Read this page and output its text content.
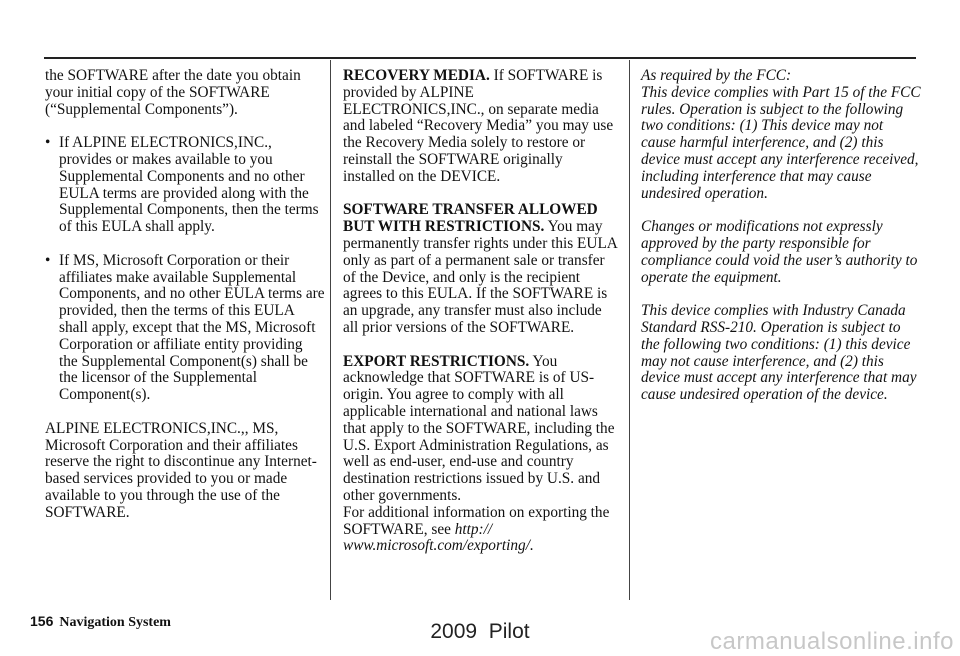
the SOFTWARE after the date you obtain your initial copy of the SOFTWARE (“Supplemental Components”).

• If ALPINE ELECTRONICS,INC., provides or makes available to you Supplemental Components and no other EULA terms are provided along with the Supplemental Components, then the terms of this EULA shall apply.
• If MS, Microsoft Corporation or their affiliates make available Supplemental Components, and no other EULA terms are provided, then the terms of this EULA shall apply, except that the MS, Microsoft Corporation or affiliate entity providing the Supplemental Component(s) shall be the licensor of the Supplemental Component(s).

ALPINE ELECTRONICS,INC.,, MS, Microsoft Corporation and their affiliates reserve the right to discontinue any Internet-based services provided to you or made available to you through the use of the SOFTWARE.

RECOVERY MEDIA. If SOFTWARE is provided by ALPINE ELECTRONICS,INC., on separate media and labeled “Recovery Media” you may use the Recovery Media solely to restore or reinstall the SOFTWARE originally installed on the DEVICE.

SOFTWARE TRANSFER ALLOWED BUT WITH RESTRICTIONS. You may permanently transfer rights under this EULA only as part of a permanent sale or transfer of the Device, and only is the recipient agrees to this EULA. If the SOFTWARE is an upgrade, any transfer must also include all prior versions of the SOFTWARE.

EXPORT RESTRICTIONS. You acknowledge that SOFTWARE is of US-origin. You agree to comply with all applicable international and national laws that apply to the SOFTWARE, including the U.S. Export Administration Regulations, as well as end-user, end-use and country destination restrictions issued by U.S. and other governments.

For additional information on exporting the SOFTWARE, see http://
www.microsoft.com/exporting/.

As required by the FCC:
This device complies with Part 15 of the FCC rules. Operation is subject to the following two conditions: (1) This device may not cause harmful interference, and (2) this device must accept any interference received, including interference that may cause undesired operation.

Changes or modifications not expressly approved by the party responsible for compliance could void the user’s authority to operate the equipment.

This device complies with Industry Canada Standard RSS-210. Operation is subject to the following two conditions: (1) this device may not cause interference, and (2) this device must accept any interference that may cause undesired operation of the device.

156 Navigation System	2009  Pilot	carmanualsonline.info
